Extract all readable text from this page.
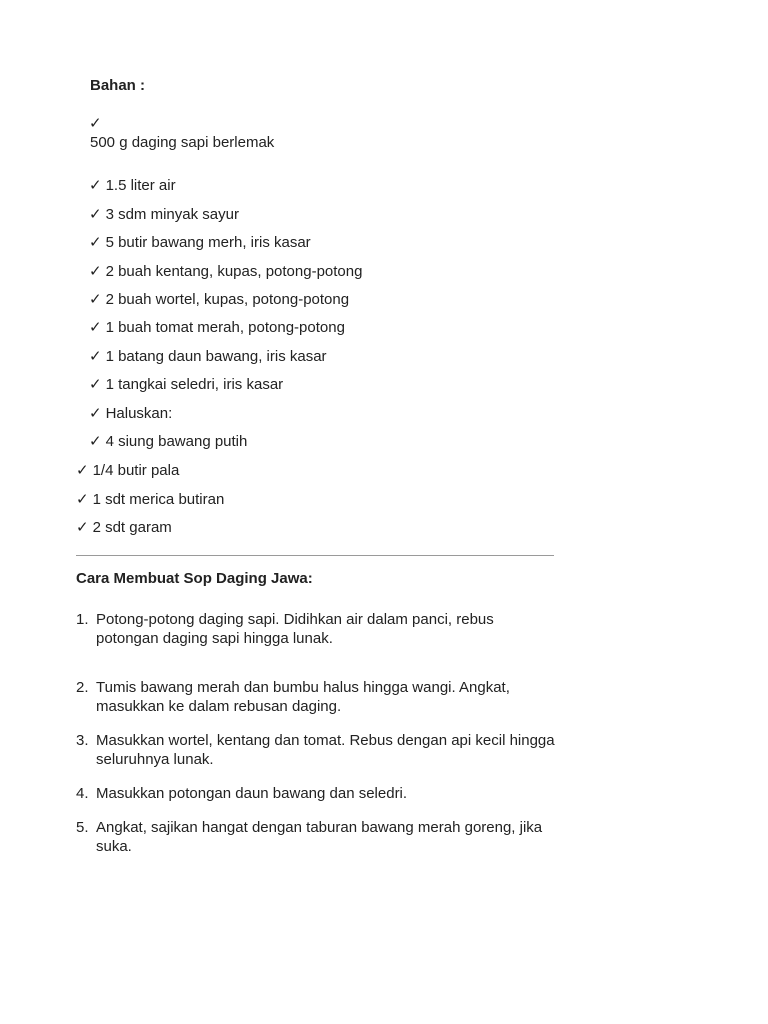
Bahan :
✓
500 g daging sapi berlemak
✓ 1.5 liter air
✓ 3 sdm minyak sayur
✓ 5 butir bawang merh, iris kasar
✓ 2 buah kentang, kupas, potong-potong
✓ 2 buah wortel, kupas, potong-potong
✓ 1 buah tomat merah, potong-potong
✓ 1 batang daun bawang, iris kasar
✓ 1 tangkai seledri, iris kasar
✓ Haluskan:
✓ 4 siung bawang putih
✓ 1/4 butir pala
✓ 1 sdt merica butiran
✓ 2 sdt garam
Cara Membuat Sop Daging Jawa:
1. Potong-potong daging sapi. Didihkan air dalam panci, rebus potongan daging sapi hingga lunak.
2. Tumis bawang merah dan bumbu halus hingga wangi. Angkat, masukkan ke dalam rebusan daging.
3. Masukkan wortel, kentang dan tomat. Rebus dengan api kecil hingga seluruhnya lunak.
4. Masukkan potongan daun bawang dan seledri.
5. Angkat, sajikan hangat dengan taburan bawang merah goreng, jika suka.
